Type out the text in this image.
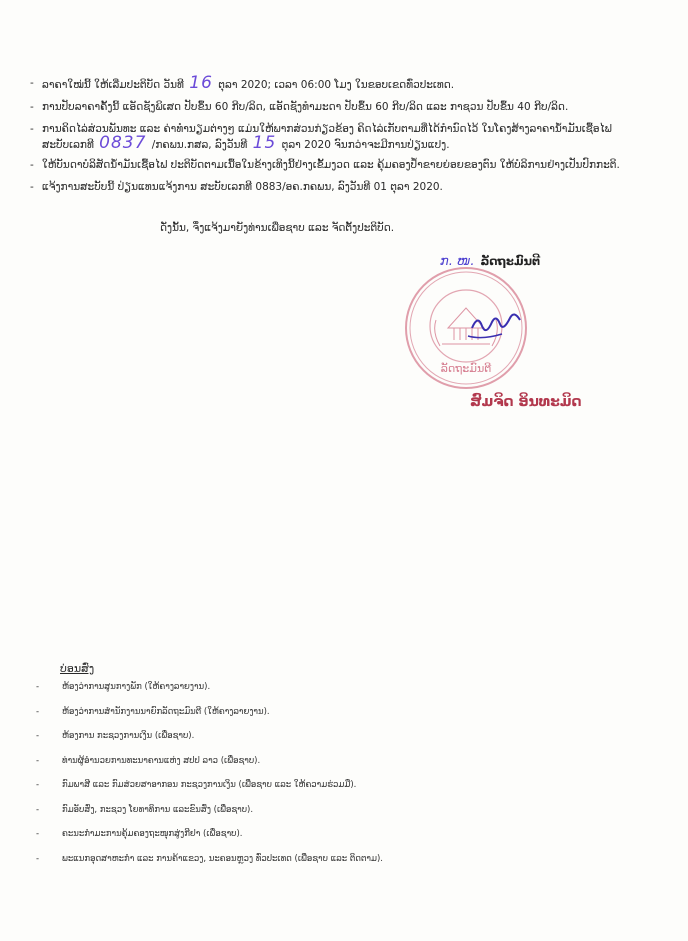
- ລາຄາໃໝ່ນີ້ ໃຫ້ເລີ່ມປະຕິບັດ ວັນທີ 16 ຕຸລາ 2020; ເວລາ 06:00 ໂມງ ໃນຂອບເຂດທົ່ວປະເທດ.
- ການປັບລາຄາຄັ້ງນີ້ ແອັດຊັງພິເສດ ປັບຂຶ້ນ 60 ກີບ/ລິດ, ແອັດຊັງທຳມະດາ ປັບຂຶ້ນ 60 ກີບ/ລິດ ແລະ ກາຊວນ ປັບຂຶ້ນ 40 ກີບ/ລິດ.
- ການຄິດໄລ່ສ່ວນພັນທະ ແລະ ຄ່າທຳນຽມຕ່າງໆ ແມ່ນໃຫ້ພາກສ່ວນກ່ຽວຂ້ອງ ຄິດໄລ່ເກັບຕາມທີ່ໄດ້ກຳນົດໄວ້ ໃນໂຄງສ້າງລາຄານ້ຳມັນເຊື້ອໄຟ
ສະບັບເລກທີ 0837 /ກຄພນ.ກສລ, ລົງວັນທີ 15 ຕຸລາ 2020 ຈົນກວ່າຈະມີການປ່ຽນແປງ.
- ໃຫ້ບັນດາບໍລິສັດນ້ຳມັນເຊື້ອໄຟ ປະຕິບັດຕາມເນື້ອໃນຂ້າງເທິງນີ້ຢ່າງເຂັ້ມງວດ ແລະ ຄຸ້ມຄອງປ້ຳຂາຍຍ່ອຍຂອງຕົນ ໃຫ້ບໍລິການຢ່າງເປັນປົກກະຕິ.
- ແຈ້ງການສະບັບນີ້ ປ່ຽນແທນແຈ້ງການ ສະບັບເລກທີ 0883/ອຄ.ກຄພນ, ລົງວັນທີ 01 ຕຸລາ 2020.
ດັ່ງນັ້ນ, ຈຶ່ງແຈ້ງມາຍັງທ່ານເພື່ອຊາບ ແລະ ຈັດຕັ້ງປະຕິບັດ.
ກ. ໜ. ລັດຖະມົນຕີ
ລັດຖະມົນຕີ
ສົມຈິດ ອິນທະມິດ
ບ່ອນສົ່ງ
- ຫ້ອງວ່າການສູນກາງພັກ (ໃຫ້ຄາງລາຍງານ).
- ຫ້ອງວ່າການສຳນັກງານນາຍົກລັດຖະມົນຕີ (ໃຫ້ຄາງລາຍງານ).
- ຫ້ອງການ ກະຊວງການເງິນ (ເພື່ອຊາບ).
- ທ່ານຜູ້ອຳນວຍການທະນາຄານແຫ່ງ ສປປ ລາວ (ເພື່ອຊາບ).
- ກົມພາສີ ແລະ ກົມສ່ວຍສາອາກອນ ກະຊວງການເງິນ (ເພື່ອຊາບ ແລະ ໃຫ້ຄວາມຮ່ວມມື).
- ກົມອັບສົ່ງ, ກະຊວງ ໂຍທາທິການ ແລະຂົນສົ່ງ (ເພື່ອຊາບ).
- ຄະນະກຳມະການຄຸ້ມຄອງຖະໜຸກສູ່ງກີຢາ (ເພື່ອຊາບ).
- ພະແນກອຸດສາຫະກຳ ແລະ ການຄ້າແຂວງ, ນະຄອນຫຼວງ ທົ່ວປະເທດ (ເພື່ອຊາບ ແລະ ຕິດຕາມ).
